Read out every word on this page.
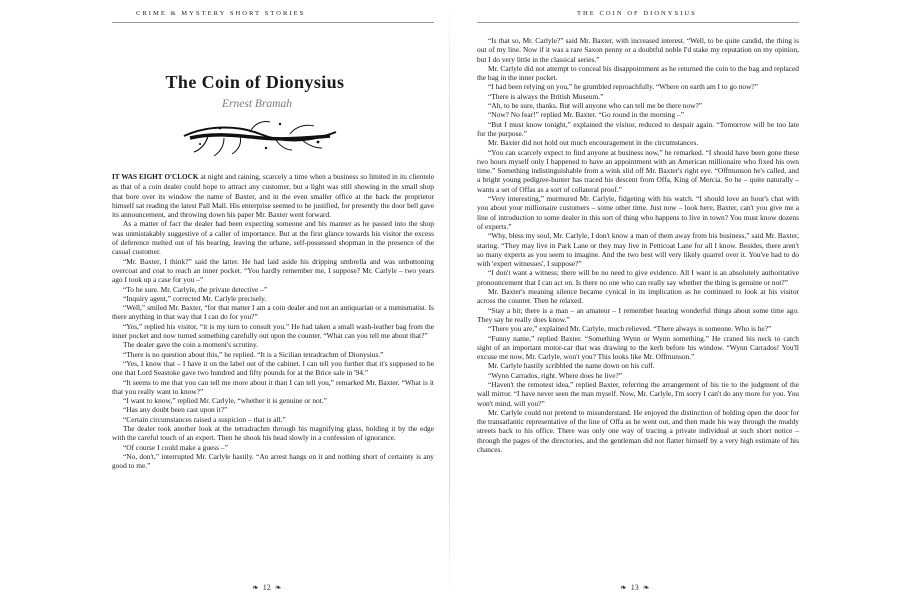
CRIME & MYSTERY SHORT STORIES
The Coin of Dionysius
Ernest Bramah

IT WAS EIGHT O'CLOCK at night and raining, scarcely a time when a business so limited in its clientele as that of a coin dealer could hope to attract any customer, but a light was still showing in the small shop that bore over its window the name of Baxter, and in the even smaller office at the back the proprietor himself sat reading the latest Pall Mall. His enterprise seemed to be justified, for presently the door bell gave its announcement, and throwing down his paper Mr. Baxter went forward.

As a matter of fact the dealer had been expecting someone and his manner as he passed into the shop was unmistakably suggestive of a caller of importance. But at the first glance towards his visitor the excess of deference melted out of his bearing, leaving the urbane, self-possessed shopman in the presence of the casual customer.

“Mr. Baxter, I think?” said the latter. He had laid aside his dripping umbrella and was unbuttoning overcoat and coat to reach an inner pocket. “You hardly remember me, I suppose? Mr. Carlyle – two years ago I took up a case for you –”

“To be sure. Mr. Carlyle, the private detective –”

“Inquiry agent,” corrected Mr. Carlyle precisely.

“Well,” smiled Mr. Baxter, “for that matter I am a coin dealer and not an antiquarian or a numismatist. Is there anything in that way that I can do for you?”

“Yes,” replied his visitor, “it is my turn to consult you.” He had taken a small wash-leather bag from the inner pocket and now turned something carefully out upon the counter. “What can you tell me about that?”

The dealer gave the coin a moment's scrutiny.

“There is no question about this,” he replied. “It is a Sicilian tetradrachm of Dionysius.”

“Yes, I know that – I have it on the label out of the cabinet. I can tell you further that it's supposed to be one that Lord Seastoke gave two hundred and fifty pounds for at the Brice sale in '94.”

“It seems to me that you can tell me more about it than I can tell you,” remarked Mr. Baxter. “What is it that you really want to know?”

“I want to know,” replied Mr. Carlyle, “whether it is genuine or not.”

“Has any doubt been cast upon it?”

“Certain circumstances raised a suspicion – that is all.”

The dealer took another look at the tetradrachm through his magnifying glass, holding it by the edge with the careful touch of an expert. Then he shook his head slowly in a confession of ignorance.

“Of course I could make a guess –”

“No, don't,” interrupted Mr. Carlyle hastily. “An arrest hangs on it and nothing short of certainty is any good to me.”

❧ 12 ❧
THE COIN OF DIONYSIUS

“Is that so, Mr. Carlyle?” said Mr. Baxter, with increased interest. “Well, to be quite candid, the thing is out of my line. Now if it was a rare Saxon penny or a doubtful noble I'd stake my reputation on my opinion, but I do very little in the classical series.”

Mr. Carlyle did not attempt to conceal his disappointment as he returned the coin to the bag and replaced the bag in the inner pocket.

“I had been relying on you,” he grumbled reproachfully. “Where on earth am I to go now?”

“There is always the British Museum.”

“Ah, to be sure, thanks. But will anyone who can tell me be there now?”

“Now? No fear!” replied Mr. Baxter. “Go round in the morning –”

“But I must know tonight,” explained the visitor, reduced to despair again. “Tomorrow will be too late for the purpose.”

Mr. Baxter did not hold out much encouragement in the circumstances.

“You can scarcely expect to find anyone at business now,” he remarked. “I should have been gone these two hours myself only I happened to have an appointment with an American millionaire who fixed his own time.” Something indistinguishable from a wink slid off Mr. Baxter's right eye. “Offmunson he's called, and a bright young pedigree-hunter has traced his descent from Offa, King of Mercia. So he – quite naturally – wants a set of Offas as a sort of collateral proof.”

“Very interesting,” murmured Mr. Carlyle, fidgeting with his watch. “I should love an hour's chat with you about your millionaire customers – some other time. Just now – look here, Baxter, can't you give me a line of introduction to some dealer in this sort of thing who happens to live in town? You must know dozens of experts.”

“Why, bless my soul, Mr. Carlyle, I don't know a man of them away from his business,” said Mr. Baxter, staring. “They may live in Park Lane or they may live in Petticoat Lane for all I know. Besides, there aren't so many experts as you seem to imagine. And the two best will very likely quarrel over it. You've had to do with 'expert witnesses', I suppose?”

“I don't want a witness; there will be no need to give evidence. All I want is an absolutely authoritative pronouncement that I can act on. Is there no one who can really say whether the thing is genuine or not?”

Mr. Baxter's meaning silence became cynical in its implication as he continued to look at his visitor across the counter. Then he relaxed.

“Stay a bit; there is a man – an amateur – I remember hearing wonderful things about some time ago. They say he really does know.”

“There you are,” explained Mr. Carlyle, much relieved. “There always is someone. Who is he?”

“Funny name,” replied Baxter. “Something Wynn or Wynn something.” He craned his neck to catch sight of an important motor-car that was drawing to the kerb before his window. “Wynn Carrados! You'll excuse me now, Mr. Carlyle, won't you? This looks like Mr. Offmunson.”

Mr. Carlyle hastily scribbled the name down on his cuff.

“Wynn Carrados, right. Where does he live?”

“Haven't the remotest idea,” replied Baxter, referring the arrangement of his tie to the judgment of the wall mirror. “I have never seen the man myself. Now, Mr. Carlyle, I'm sorry I can't do any more for you. You won't mind, will you?”

Mr. Carlyle could not pretend to misunderstand. He enjoyed the distinction of holding open the door for the transatlantic representative of the line of Offa as he went out, and then made his way through the muddy streets back to his office. There was only one way of tracing a private individual at such short notice – through the pages of the directories, and the gentleman did not flatter himself by a very high estimate of his chances.

❧ 13 ❧
